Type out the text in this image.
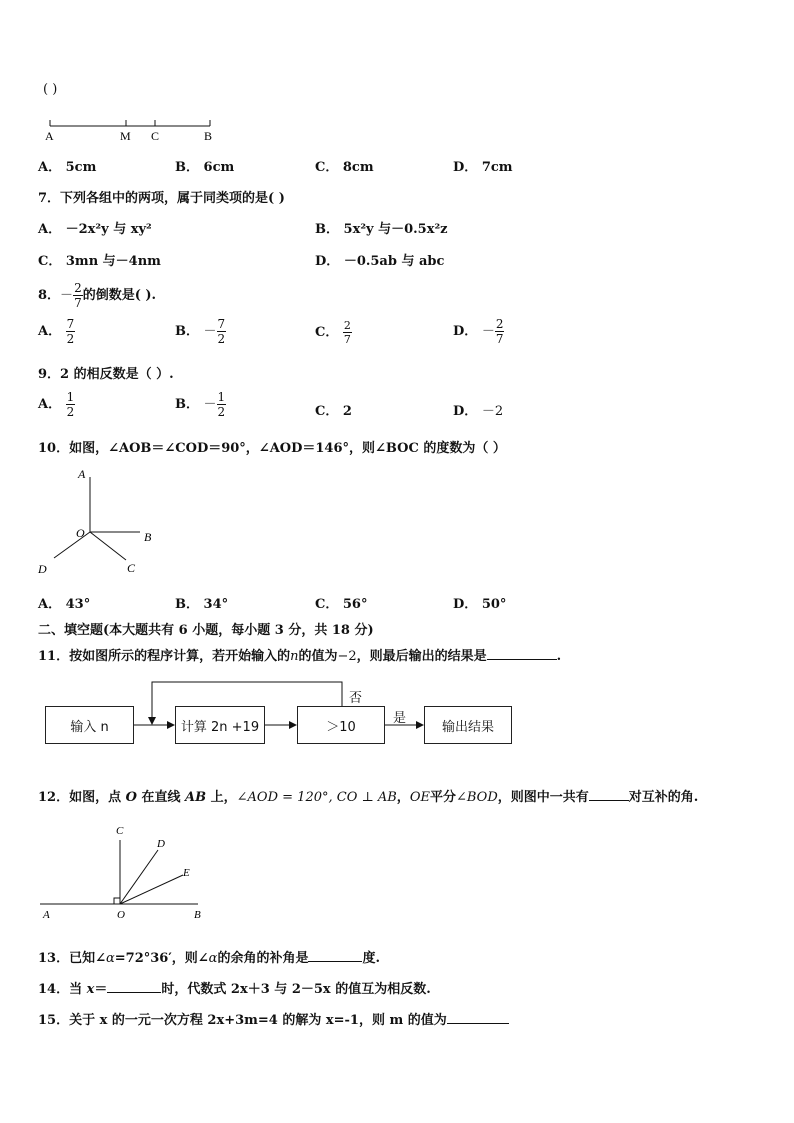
( )
A	M C	B
A． 5cm	B． 6cm	C． 8cm	D． 7cm
7．下列各组中的两项，属于同类项的是( )
A． －2x²y 与 xy²	B． 5x²y 与－0.5x²z
C． 3mn 与－4nm	D． －0.5ab 与 abc
8．－ $\frac{2}{7}$ 的倒数是( ).
A． $\frac{7}{2}$	B． － $\frac{7}{2}$	C． $\frac{2}{7}$	D． － $\frac{2}{7}$
9．2 的相反数是（ ）.
A． $\frac{1}{2}$	B． － $\frac{1}{2}$	C． 2	D． －2
10．如图，∠AOB＝∠COD＝90°，∠AOD＝146°，则∠BOC 的度数为（ ）
A
O	B
D	C
A． 43°	B． 34°	C． 56°	D． 50°
二、填空题(本大题共有 6 小题，每小题 3 分，共 18 分)
11．按如图所示的程序计算，若开始输入的n的值为−2，则最后输出的结果是	.
输入 n	计算 2n +19	＞10	输出结果
否
是
12．如图，点 O 在直线 AB 上，∠AOD = 120°, CO ⊥ AB，OE平分∠BOD，则图中一共有	对互补的角.
C
D
E
A	O	B
13．已知∠α=72°36′，则∠α的余角的补角是	度.
14．当 x＝	时，代数式 2x＋3 与 2－5x 的值互为相反数.
15．关于 x 的一元一次方程 2x+3m=4 的解为 x=-1，则 m 的值为
